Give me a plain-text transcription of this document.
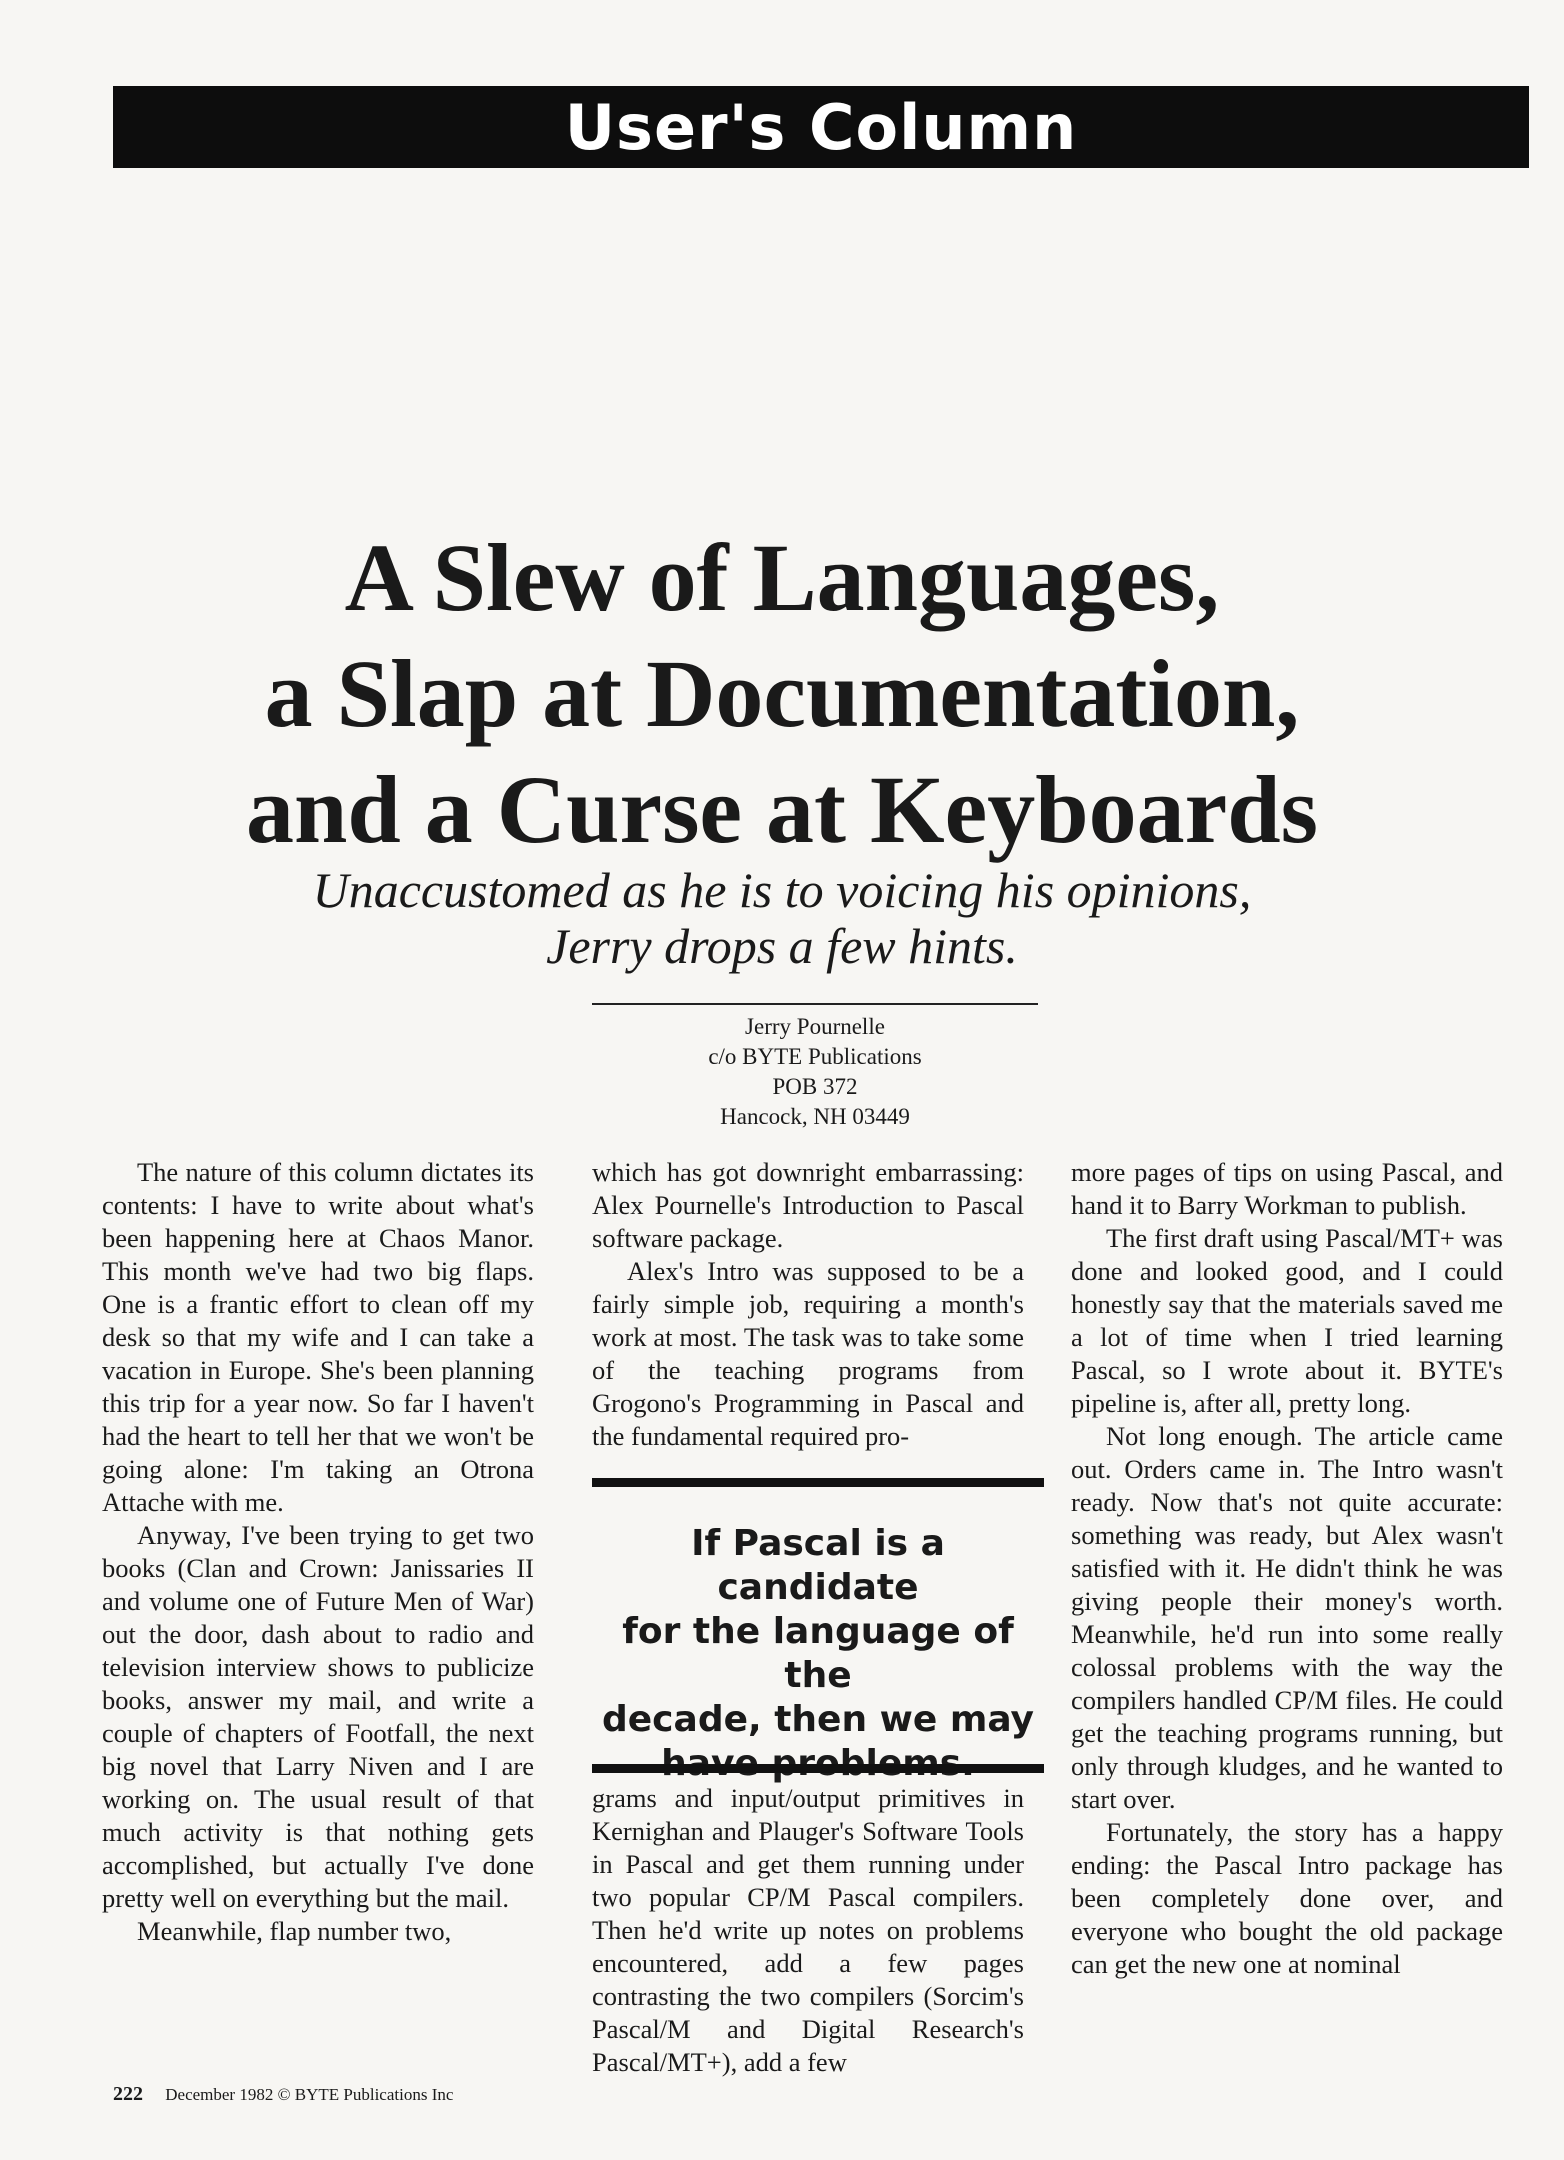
User's Column
A Slew of Languages,
a Slap at Documentation,
and a Curse at Keyboards
Unaccustomed as he is to voicing his opinions,
Jerry drops a few hints.
Jerry Pournelle
c/o BYTE Publications
POB 372
Hancock, NH 03449

The nature of this column dictates its contents: I have to write about what's been happening here at Chaos Manor. This month we've had two big flaps. One is a frantic effort to clean off my desk so that my wife and I can take a vacation in Europe. She's been planning this trip for a year now. So far I haven't had the heart to tell her that we won't be going alone: I'm taking an Otrona Attache with me.

Anyway, I've been trying to get two books (Clan and Crown: Janissaries II and volume one of Future Men of War) out the door, dash about to radio and television interview shows to publicize books, answer my mail, and write a couple of chapters of Footfall, the next big novel that Larry Niven and I are working on. The usual result of that much activity is that nothing gets accomplished, but actually I've done pretty well on everything but the mail.

Meanwhile, flap number two,

which has got downright embarrassing: Alex Pournelle's Introduction to Pascal software package.

Alex's Intro was supposed to be a fairly simple job, requiring a month's work at most. The task was to take some of the teaching programs from Grogono's Programming in Pascal and the fundamental required pro-

If Pascal is a candidate
for the language of the
decade, then we may

grams and input/output primitives in Kernighan and Plauger's Software Tools in Pascal and get them running under two popular CP/M Pascal compilers. Then he'd write up notes on problems encountered, add a few pages contrasting the two compilers (Sorcim's Pascal/M and Digital Research's Pascal/MT+), add a few

more pages of tips on using Pascal, and hand it to Barry Workman to publish.

The first draft using Pascal/MT+ was done and looked good, and I could honestly say that the materials saved me a lot of time when I tried learning Pascal, so I wrote about it. BYTE's pipeline is, after all, pretty long.

Not long enough. The article came out. Orders came in. The Intro wasn't ready. Now that's not quite accurate: something was ready, but Alex wasn't satisfied with it. He didn't think he was giving people their money's worth. Meanwhile, he'd run into some really colossal problems with the way the compilers handled CP/M files. He could get the teaching programs running, but only through kludges, and he wanted to start over.

Fortunately, the story has a happy ending: the Pascal Intro package has been completely done over, and everyone who bought the old package can get the new one at nominal

222 December 1982 © BYTE Publications Inc
